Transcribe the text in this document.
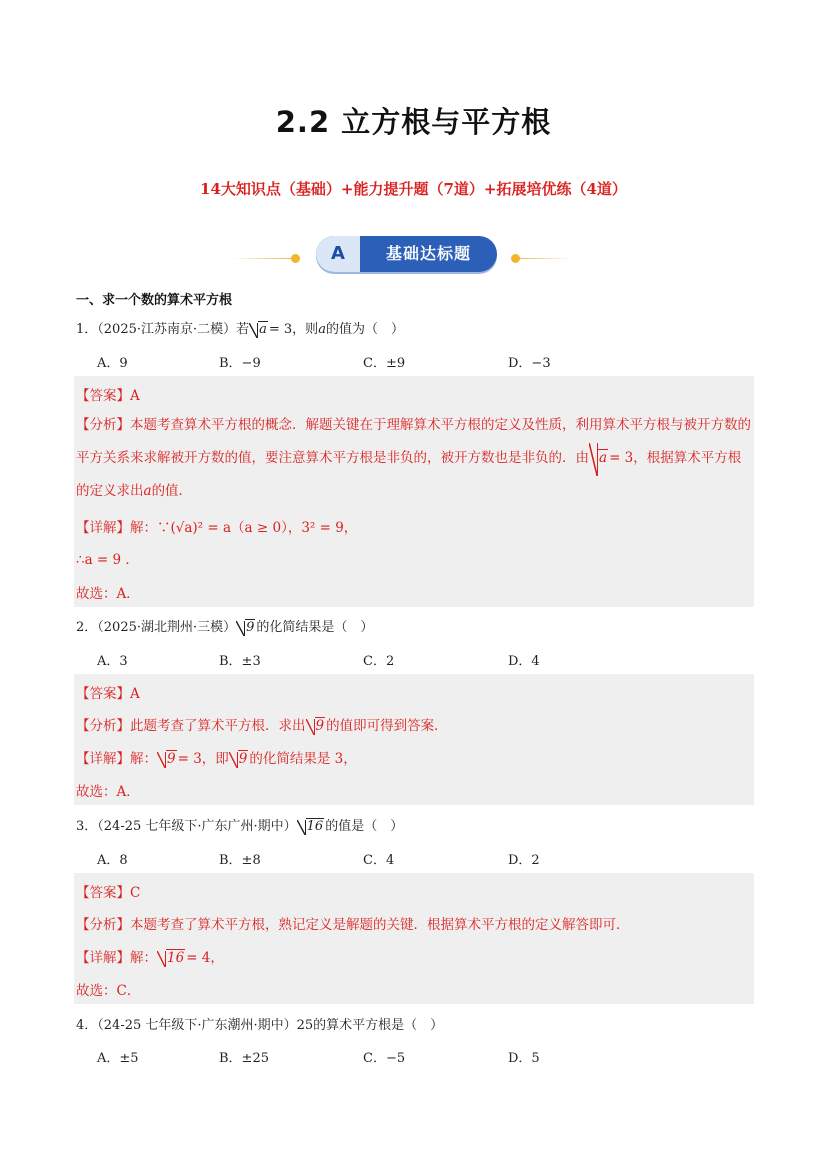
2.2 立方根与平方根
14大知识点（基础）+能力提升题（7道）+拓展培优练（4道）
A	基础达标题
一、求一个数的算术平方根
1．（2025·江苏南京·二模）若 a = 3，则a的值为（　）
A．9	B．−9	C．±9	D．−3
【答案】A
【分析】本题考查算术平方根的概念．解题关键在于理解算术平方根的定义及性质，利用算术平方根与被开方数的平方关系来求解被开方数的值，要注意算术平方根是非负的，被开方数也是非负的．由 a = 3，根据算术平方根的定义求出a的值．
【详解】解：∵(√a)² = a（a ≥ 0），3² = 9，
∴a = 9 ．
故选：A．
2．（2025·湖北荆州·三模） 9 的化简结果是（　）
A．3	B．±3	C．2	D．4
【答案】A
【分析】此题考查了算术平方根．求出 9 的值即可得到答案．
【详解】解： 9 = 3，即 9 的化简结果是 3，
故选：A．
3．（24-25 七年级下·广东广州·期中） 16 的值是（　）
A．8	B．±8	C．4	D．2
【答案】C
【分析】本题考查了算术平方根，熟记定义是解题的关键．根据算术平方根的定义解答即可．
【详解】解： 16 = 4，
故选：C．
4．（24-25 七年级下·广东潮州·期中）25的算术平方根是（　）
A．±5	B．±25	C．−5	D．5
